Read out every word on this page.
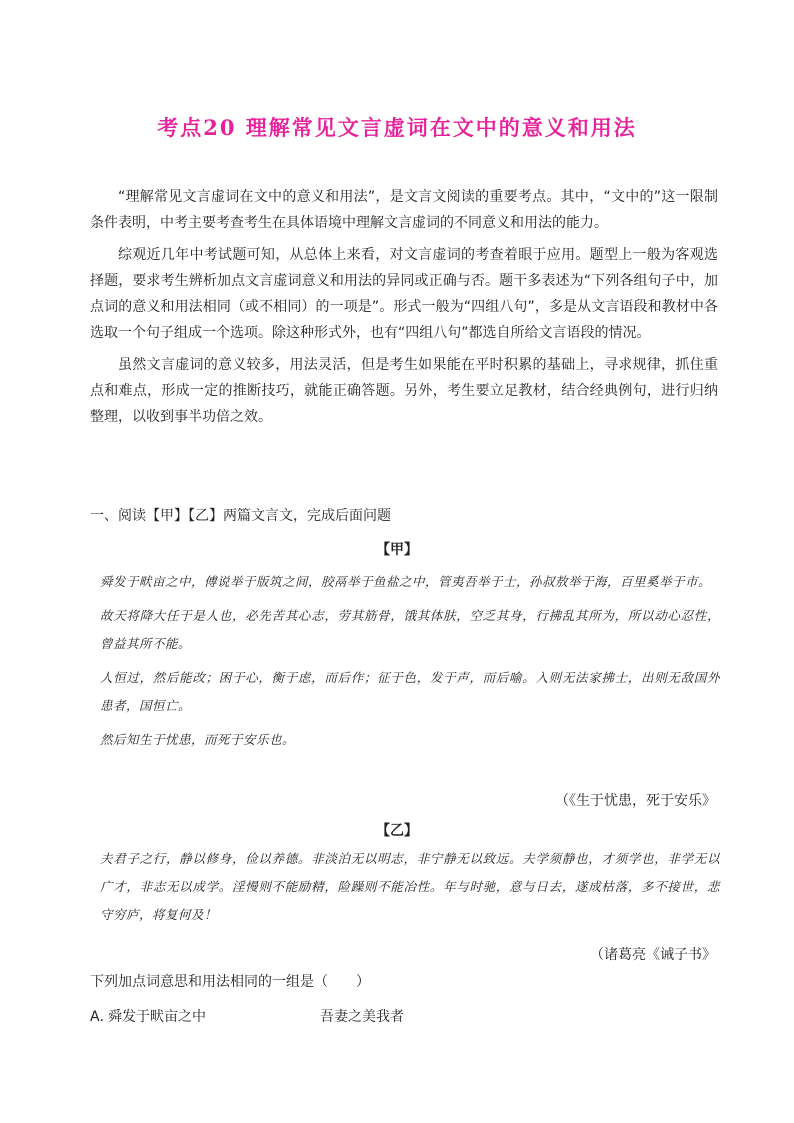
考点20 理解常见文言虚词在文中的意义和用法

“理解常见文言虚词在文中的意义和用法”，是文言文阅读的重要考点。其中，“文中的”这一限制条件表明，中考主要考查考生在具体语境中理解文言虚词的不同意义和用法的能力。

综观近几年中考试题可知，从总体上来看，对文言虚词的考查着眼于应用。题型上一般为客观选择题，要求考生辨析加点文言虚词意义和用法的异同或正确与否。题干多表述为“下列各组句子中，加点词的意义和用法相同（或不相同）的一项是”。形式一般为“四组八句”，多是从文言语段和教材中各选取一个句子组成一个选项。除这种形式外，也有“四组八句”都选自所给文言语段的情况。

虽然文言虚词的意义较多，用法灵活，但是考生如果能在平时积累的基础上，寻求规律，抓住重点和难点，形成一定的推断技巧，就能正确答题。另外，考生要立足教材，结合经典例句，进行归纳整理，以收到事半功倍之效。

一、阅读【甲】【乙】两篇文言文，完成后面问题
【甲】

舜发于畎亩之中，傅说举于版筑之间，胶鬲举于鱼盐之中，管夷吾举于士，孙叔敖举于海，百里奚举于市。

故天将降大任于是人也，必先苦其心志，劳其筋骨，饿其体肤，空乏其身，行拂乱其所为，所以动心忍性，曾益其所不能。

人恒过，然后能改；困于心，衡于虑，而后作；征于色，发于声，而后喻。入则无法家拂士，出则无敌国外患者，国恒亡。

然后知生于忧患，而死于安乐也。

（《生于忧患，死于安乐》
【乙】

夫君子之行，静以修身，俭以养德。非淡泊无以明志，非宁静无以致远。夫学须静也，才须学也，非学无以广才，非志无以成学。淫慢则不能励精，险躁则不能冶性。年与时驰，意与日去，遂成枯落，多不接世，悲守穷庐，将复何及！

（诸葛亮《诫子书》
下列加点词意思和用法相同的一组是（　　）
A．舜发于畎亩之中	吾妻之美我者
